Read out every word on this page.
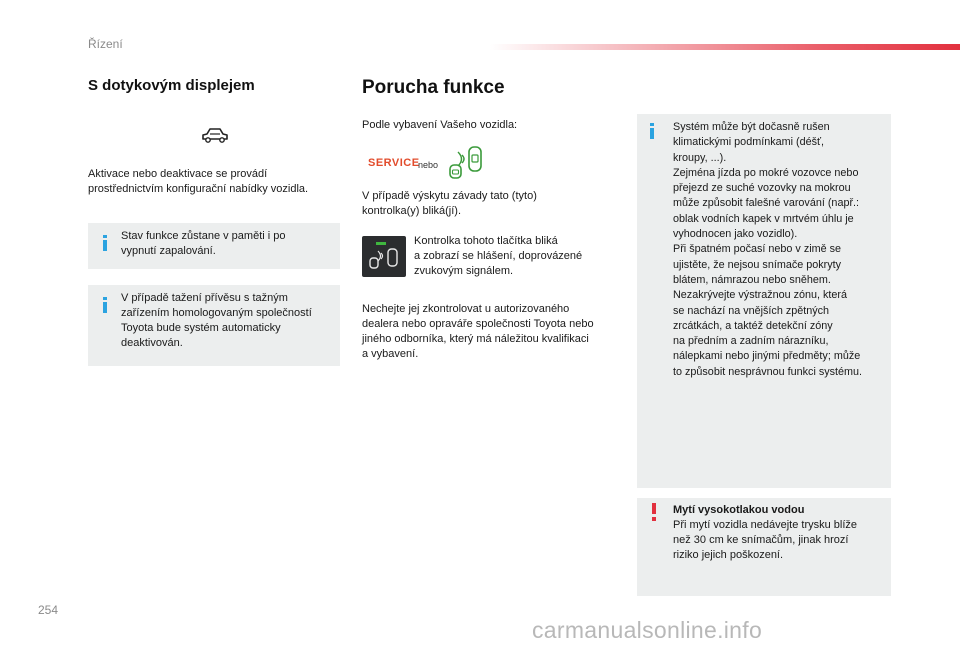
Řízení
S dotykovým displejem
Aktivace nebo deaktivace se provádí
prostřednictvím konfigurační nabídky vozidla.
Stav funkce zůstane v paměti i po
vypnutí zapalování.
V případě tažení přívěsu s tažným
zařízením homologovaným společností
Toyota bude systém automaticky
deaktivován.
Porucha funkce
Podle vybavení Vašeho vozidla:
SERVICE
nebo
V případě výskytu závady tato (tyto)
kontrolka(y) bliká(jí).
Kontrolka tohoto tlačítka bliká
a zobrazí se hlášení, doprovázené
zvukovým signálem.
Nechejte jej zkontrolovat u autorizovaného
dealera nebo opraváře společnosti Toyota nebo
jiného odborníka, který má náležitou kvalifikaci
a vybavení.
Systém může být dočasně rušen
klimatickými podmínkami (déšť,
kroupy, ...).
Zejména jízda po mokré vozovce nebo
přejezd ze suché vozovky na mokrou
může způsobit falešné varování (např.:
oblak vodních kapek v mrtvém úhlu je
vyhodnocen jako vozidlo).
Při špatném počasí nebo v zimě se
ujistěte, že nejsou snímače pokryty
blátem, námrazou nebo sněhem.
Nezakrývejte výstražnou zónu, která
se nachází na vnějších zpětných
zrcátkách, a taktéž detekční zóny
na předním a zadním nárazníku,
nálepkami nebo jinými předměty; může
to způsobit nesprávnou funkci systému.
Mytí vysokotlakou vodou
Při mytí vozidla nedávejte trysku blíže
než 30 cm ke snímačům, jinak hrozí
riziko jejich poškození.
254
carmanualsonline.info
